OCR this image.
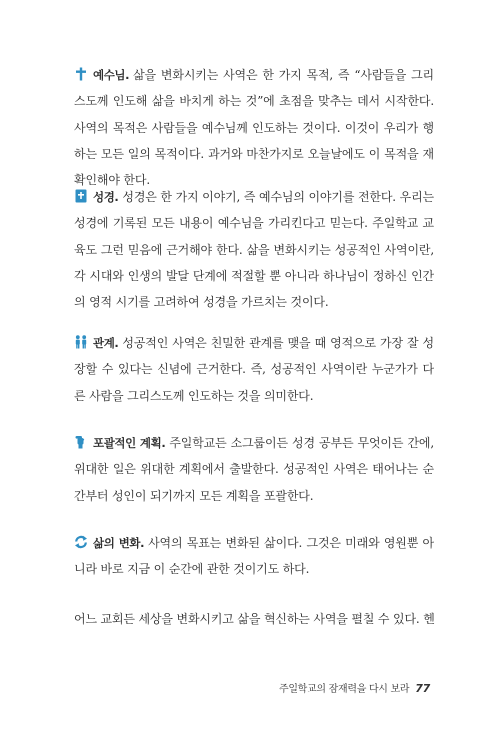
예수님. 삶을 변화시키는 사역은 한 가지 목적, 즉 “사람들을 그리스도께 인도해 삶을 바치게 하는 것”에 초점을 맞추는 데서 시작한다. 사역의 목적은 사람들을 예수님께 인도하는 것이다. 이것이 우리가 행하는 모든 일의 목적이다. 과거와 마찬가지로 오늘날에도 이 목적을 재확인해야 한다.

성경. 성경은 한 가지 이야기, 즉 예수님의 이야기를 전한다. 우리는 성경에 기록된 모든 내용이 예수님을 가리킨다고 믿는다. 주일학교 교육도 그런 믿음에 근거해야 한다. 삶을 변화시키는 성공적인 사역이란, 각 시대와 인생의 발달 단계에 적절할 뿐 아니라 하나님이 정하신 인간의 영적 시기를 고려하여 성경을 가르치는 것이다.

관계. 성공적인 사역은 친밀한 관계를 맺을 때 영적으로 가장 잘 성장할 수 있다는 신념에 근거한다. 즉, 성공적인 사역이란 누군가가 다른 사람을 그리스도께 인도하는 것을 의미한다.

포괄적인 계획. 주일학교든 소그룹이든 성경 공부든 무엇이든 간에, 위대한 일은 위대한 계획에서 출발한다. 성공적인 사역은 태어나는 순간부터 성인이 되기까지 모든 계획을 포괄한다.

삶의 변화. 사역의 목표는 변화된 삶이다. 그것은 미래와 영원뿐 아니라 바로 지금 이 순간에 관한 것이기도 하다.

어느 교회든 세상을 변화시키고 삶을 혁신하는 사역을 펼칠 수 있다. 헨

주일학교의 잠재력을 다시 보라 77
